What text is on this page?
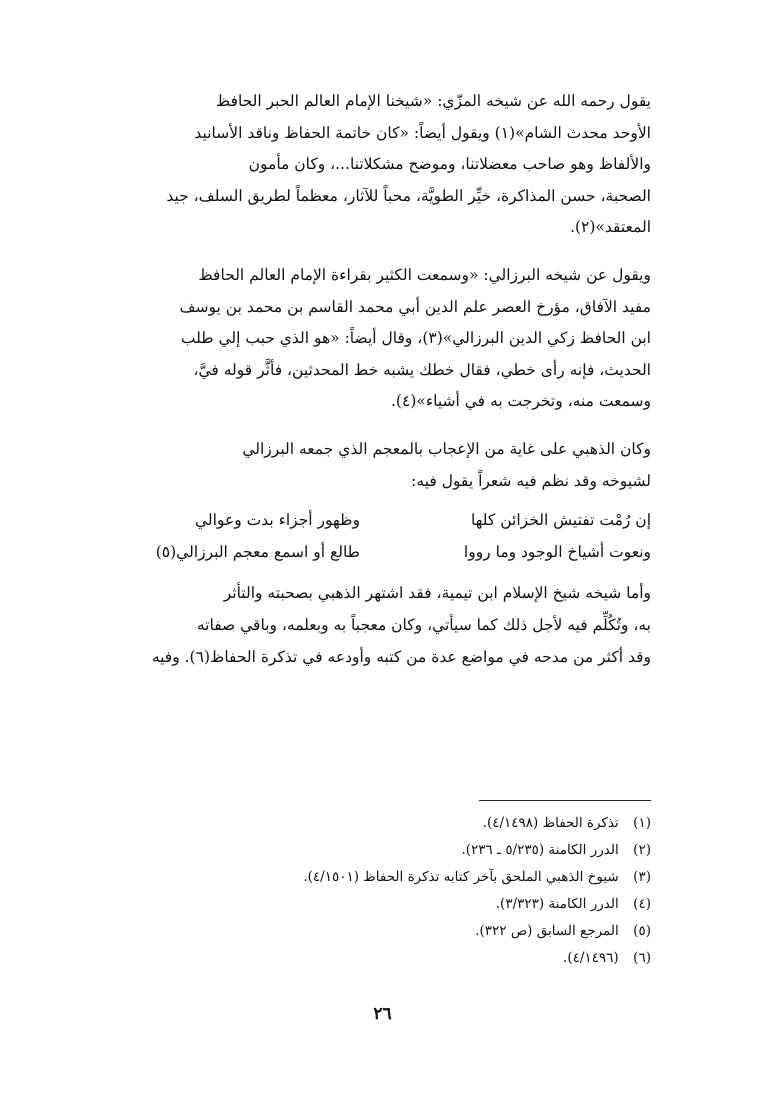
يقول رحمه الله عن شيخه المزّي: «شيخنا الإمام العالم الحبر الحافظ
الأوحد محدث الشام»(١) ويقول أيضاً: «كان خاتمة الحفاظ وناقد الأسانيد
والألفاظ وهو صاحب معضلاتنا، وموضح مشكلاتنا...، وكان مأمون
الصحبة، حسن المذاكرة، خيِّر الطويَّة، محباً للآثار، معظماً لطريق السلف، جيد
المعتقد»(٢).

ويقول عن شيخه البرزالي: «وسمعت الكثير بقراءة الإمام العالم الحافظ
مفيد الآفاق، مؤرخ العصر علم الدين أبي محمد القاسم بن محمد بن يوسف
ابن الحافظ زكي الدين البرزالي»(٣)، وقال أيضاً: «هو الذي حبب إلي طلب
الحديث، فإنه رأى خطي، فقال خطك يشبه خط المحدثين، فأثَّر قوله فيَّ،
وسمعت منه، وتخرجت به في أشياء»(٤).

وكان الذهبي على غاية من الإعجاب بالمعجم الذي جمعه البرزالي
لشيوخه وقد نظم فيه شعراً يقول فيه:

إن رُمْت تفتيش الخزائن كلها
وظهور أجزاء بدت وعوالي
ونعوت أشياخ الوجود وما رووا
طالع أو اسمع معجم البرزالي(٥)

وأما شيخه شيخ الإسلام ابن تيمية، فقد اشتهر الذهبي بصحبته والتأثر
به، وتُكُلِّم فيه لأجل ذلك كما سيأتي، وكان معجباً به وبعلمه، وباقي صفاته
وقد أكثر من مدحه في مواضع عدة من كتبه وأودعه في تذكرة الحفاظ(٦). وفيه

(١) تذكرة الحفاظ (٤/١٤٩٨).
(٢) الدرر الكامنة (٥/٢٣٥ ـ ٢٣٦).
(٣) شيوخ الذهبي الملحق بآخر كتابه تذكرة الحفاظ (٤/١٥٠١).
(٤) الدرر الكامنة (٣/٣٢٣).
(٥) المرجع السابق (ص ٣٢٢).
(٦) (٤/١٤٩٦).
٢٦
